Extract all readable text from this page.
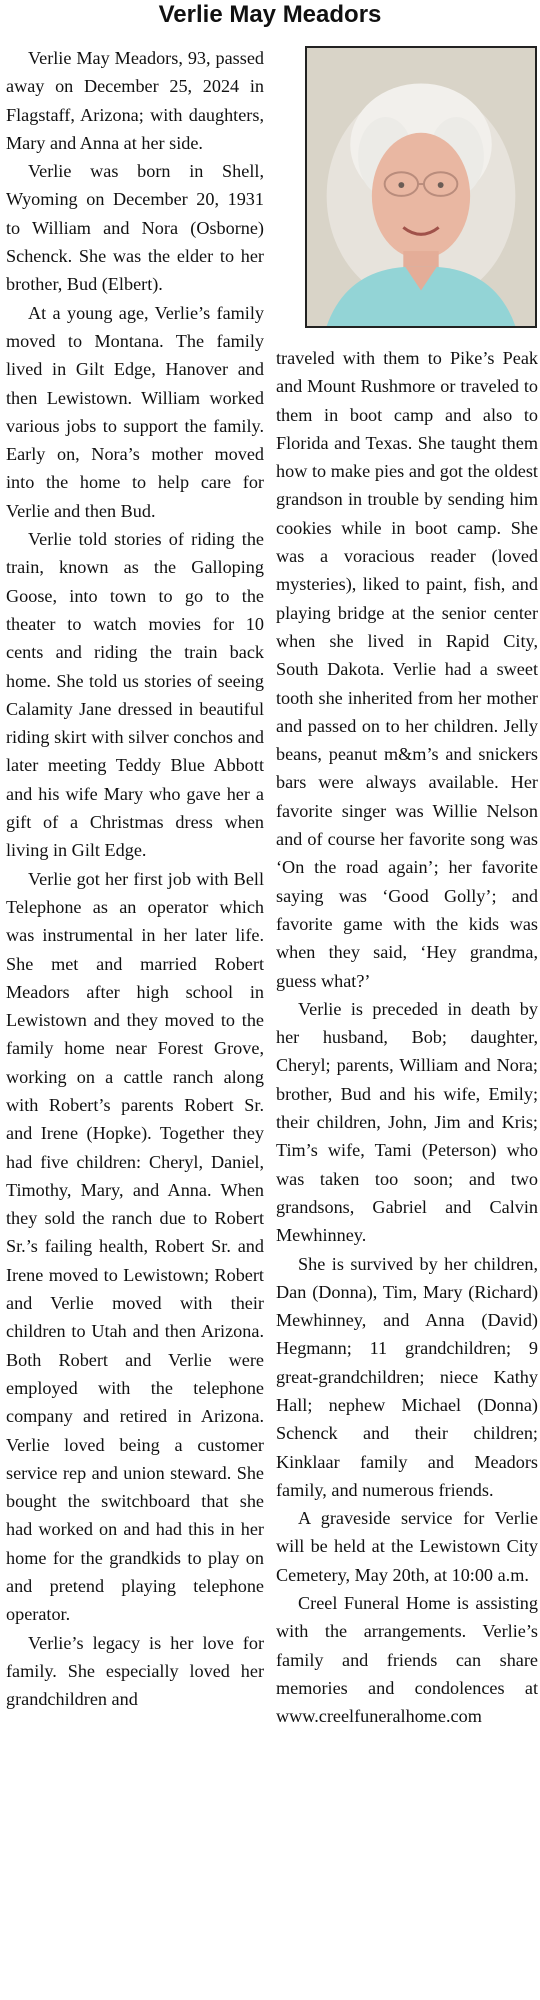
Verlie May Meadors

Verlie May Meadors, 93, passed away on December 25, 2024 in Flagstaff, Arizona; with daughters, Mary and Anna at her side.

Verlie was born in Shell, Wyoming on December 20, 1931 to William and Nora (Osborne) Schenck. She was the elder to her brother, Bud (Elbert).

At a young age, Verlie’s family moved to Montana. The family lived in Gilt Edge, Hanover and then Lewistown. William worked various jobs to support the family. Early on, Nora’s mother moved into the home to help care for Verlie and then Bud.

Verlie told stories of riding the train, known as the Galloping Goose, into town to go to the theater to watch movies for 10 cents and riding the train back home. She told us stories of seeing Calamity Jane dressed in beautiful riding skirt with silver conchos and later meeting Teddy Blue Abbott and his wife Mary who gave her a gift of a Christmas dress when living in Gilt Edge.

Verlie got her first job with Bell Telephone as an operator which was instrumental in her later life. She met and married Robert Meadors after high school in Lewistown and they moved to the family home near Forest Grove, working on a cattle ranch along with Robert’s parents Robert Sr. and Irene (Hopke). Together they had five children: Cheryl, Daniel, Timothy, Mary, and Anna. When they sold the ranch due to Robert Sr.’s failing health, Robert Sr. and Irene moved to Lewistown; Robert and Verlie moved with their children to Utah and then Arizona. Both Robert and Verlie were employed with the telephone company and retired in Arizona. Verlie loved being a customer service rep and union steward. She bought the switchboard that she had worked on and had this in her home for the grandkids to play on and pretend playing telephone operator.

Verlie’s legacy is her love for family. She especially loved her grandchildren and

traveled with them to Pike’s Peak and Mount Rushmore or traveled to them in boot camp and also to Florida and Texas. She taught them how to make pies and got the oldest grandson in trouble by sending him cookies while in boot camp. She was a voracious reader (loved mysteries), liked to paint, fish, and playing bridge at the senior center when she lived in Rapid City, South Dakota. Verlie had a sweet tooth she inherited from her mother and passed on to her children. Jelly beans, peanut m&m’s and snickers bars were always available. Her favorite singer was Willie Nelson and of course her favorite song was ‘On the road again’; her favorite saying was ‘Good Golly’; and favorite game with the kids was when they said, ‘Hey grandma, guess what?’

Verlie is preceded in death by her husband, Bob; daughter, Cheryl; parents, William and Nora; brother, Bud and his wife, Emily; their children, John, Jim and Kris; Tim’s wife, Tami (Peterson) who was taken too soon; and two grandsons, Gabriel and Calvin Mewhinney.

She is survived by her children, Dan (Donna), Tim, Mary (Richard) Mewhinney, and Anna (David) Hegmann; 11 grandchildren; 9 great-grandchildren; niece Kathy Hall; nephew Michael (Donna) Schenck and their children; Kinklaar family and Meadors family, and numerous friends.

A graveside service for Verlie will be held at the Lewistown City Cemetery, May 20th, at 10:00 a.m.

Creel Funeral Home is assisting with the arrangements. Verlie’s family and friends can share memories and condolences at www.creelfuneralhome.com
